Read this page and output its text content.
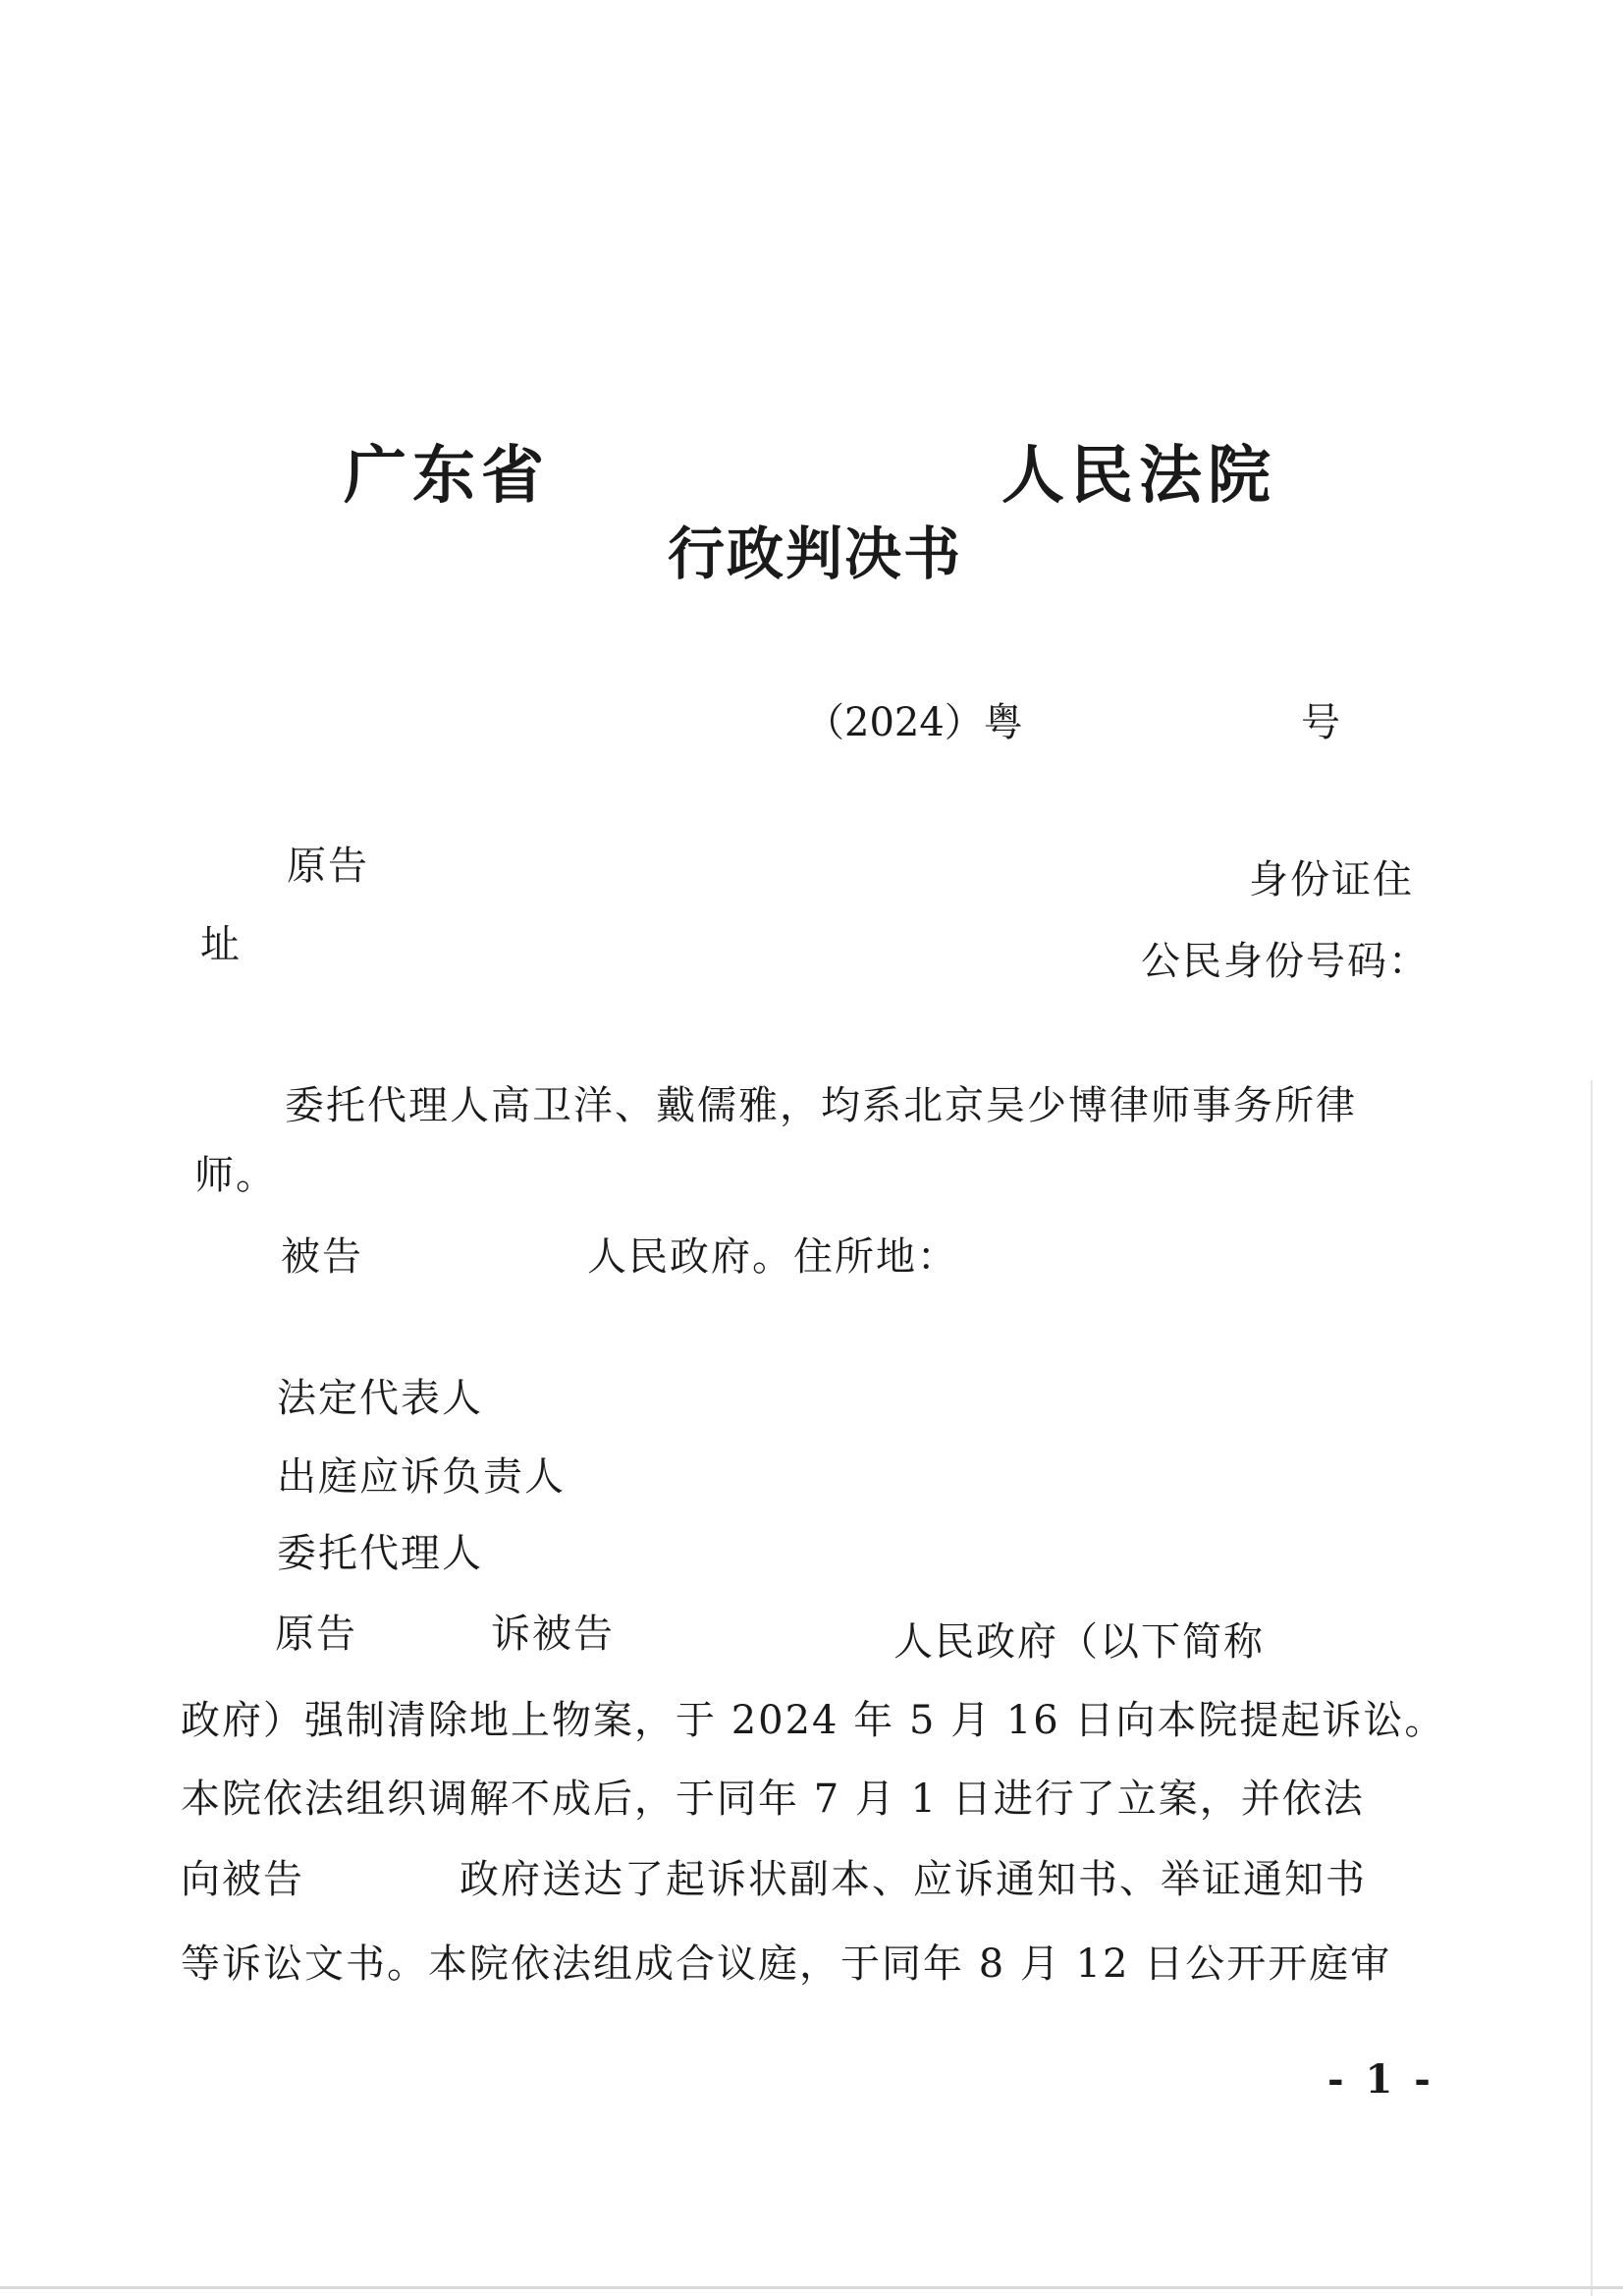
广东省	人民法院
行政判决书
（2024）粤	号
原告	身份证住
址	公民身份号码：
委托代理人高卫洋、戴儒雅，均系北京吴少博律师事务所律
师。
被告	人民政府。住所地：
法定代表人
出庭应诉负责人
委托代理人
原告	诉被告	人民政府（以下简称
政府）强制清除地上物案，于 2024 年 5 月 16 日向本院提起诉讼。
本院依法组织调解不成后，于同年 7 月 1 日进行了立案，并依法
向被告	政府送达了起诉状副本、应诉通知书、举证通知书
等诉讼文书。本院依法组成合议庭，于同年 8 月 12 日公开开庭审
- 1 -
